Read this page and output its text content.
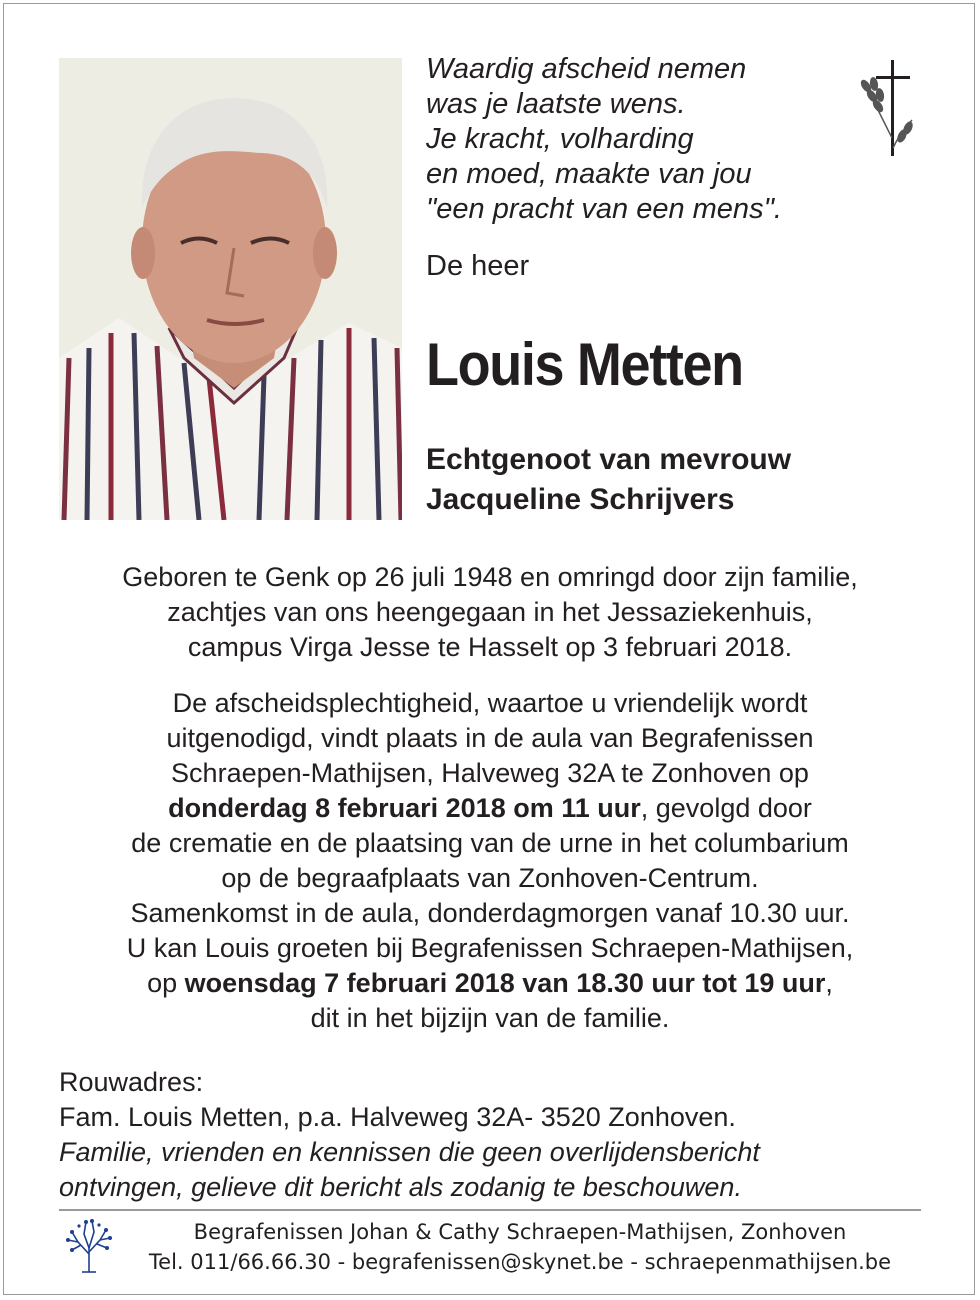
Waardig afscheid nemen
was je laatste wens.
Je kracht, volharding
en moed, maakte van jou
"een pracht van een mens".
De heer
Louis Metten
Echtgenoot van mevrouw
Jacqueline Schrijvers
Geboren te Genk op 26 juli 1948 en omringd door zijn familie,
zachtjes van ons heengegaan in het Jessaziekenhuis,
campus Virga Jesse te Hasselt op 3 februari 2018.
De afscheidsplechtigheid, waartoe u vriendelijk wordt
uitgenodigd, vindt plaats in de aula van Begrafenissen
Schraepen-Mathijsen, Halveweg 32A te Zonhoven op
donderdag 8 februari 2018 om 11 uur, gevolgd door
de crematie en de plaatsing van de urne in het columbarium
op de begraafplaats van Zonhoven-Centrum.
Samenkomst in de aula, donderdagmorgen vanaf 10.30 uur.
U kan Louis groeten bij Begrafenissen Schraepen-Mathijsen,
op woensdag 7 februari 2018 van 18.30 uur tot 19 uur,
dit in het bijzijn van de familie.
Rouwadres:
Fam. Louis Metten, p.a. Halveweg 32A- 3520 Zonhoven.
Familie, vrienden en kennissen die geen overlijdensbericht
ontvingen, gelieve dit bericht als zodanig te beschouwen.
Begrafenissen Johan & Cathy Schraepen-Mathijsen, Zonhoven
Tel. 011/66.66.30 - begrafenissen@skynet.be - schraepenmathijsen.be
